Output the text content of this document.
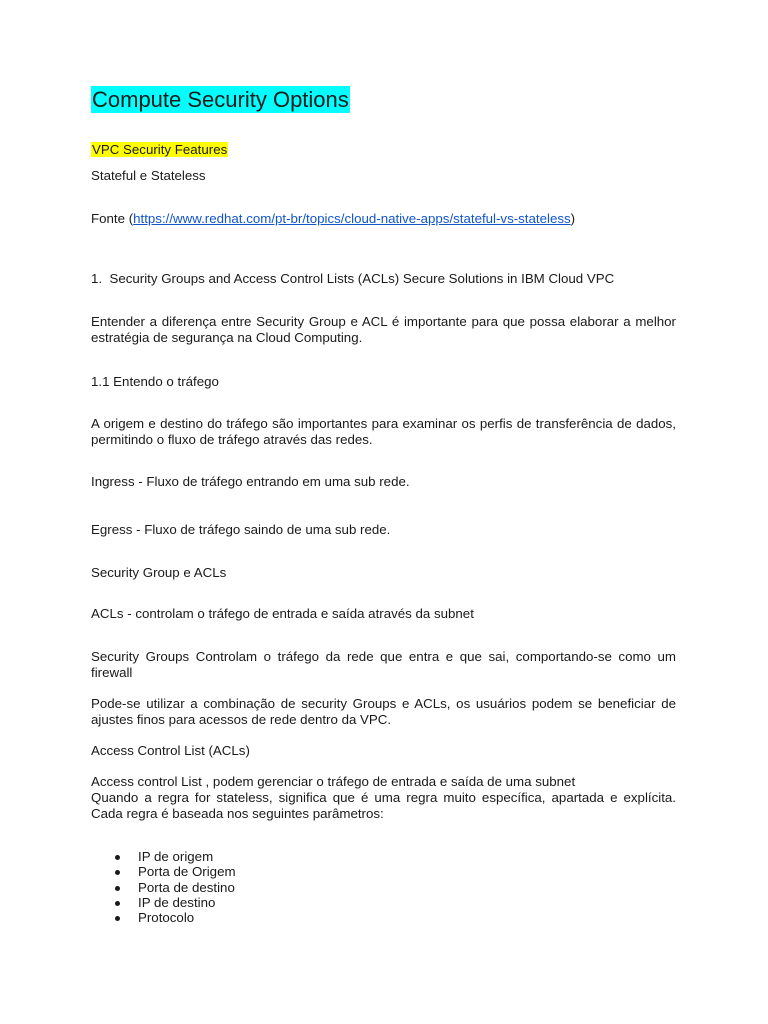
Compute Security Options
VPC Security Features
Stateful e Stateless
Fonte (https://www.redhat.com/pt-br/topics/cloud-native-apps/stateful-vs-stateless)
1.  Security Groups and Access Control Lists (ACLs) Secure Solutions in IBM Cloud VPC
Entender a diferença entre Security Group e ACL é importante para que possa elaborar a melhor estratégia de segurança na Cloud Computing.
1.1 Entendo o tráfego
A origem e destino do tráfego são importantes para examinar os perfis de transferência de dados, permitindo o fluxo de tráfego através das redes.
Ingress - Fluxo de tráfego entrando em uma sub rede.
Egress - Fluxo de tráfego saindo de uma sub rede.
Security Group e ACLs
ACLs - controlam o tráfego de entrada e saída através da subnet
Security Groups Controlam o tráfego da rede que entra e que sai, comportando-se como um firewall
Pode-se utilizar a combinação de security Groups e ACLs, os usuários podem se beneficiar de ajustes finos para acessos de rede dentro da VPC.
Access Control List (ACLs)
Access control List , podem gerenciar o tráfego de entrada e saída de uma subnet
Quando a regra for stateless, significa que é uma regra muito específica, apartada e explícita. Cada regra é baseada nos seguintes parâmetros:
IP de origem
Porta de Origem
Porta de destino
IP de destino
Protocolo
